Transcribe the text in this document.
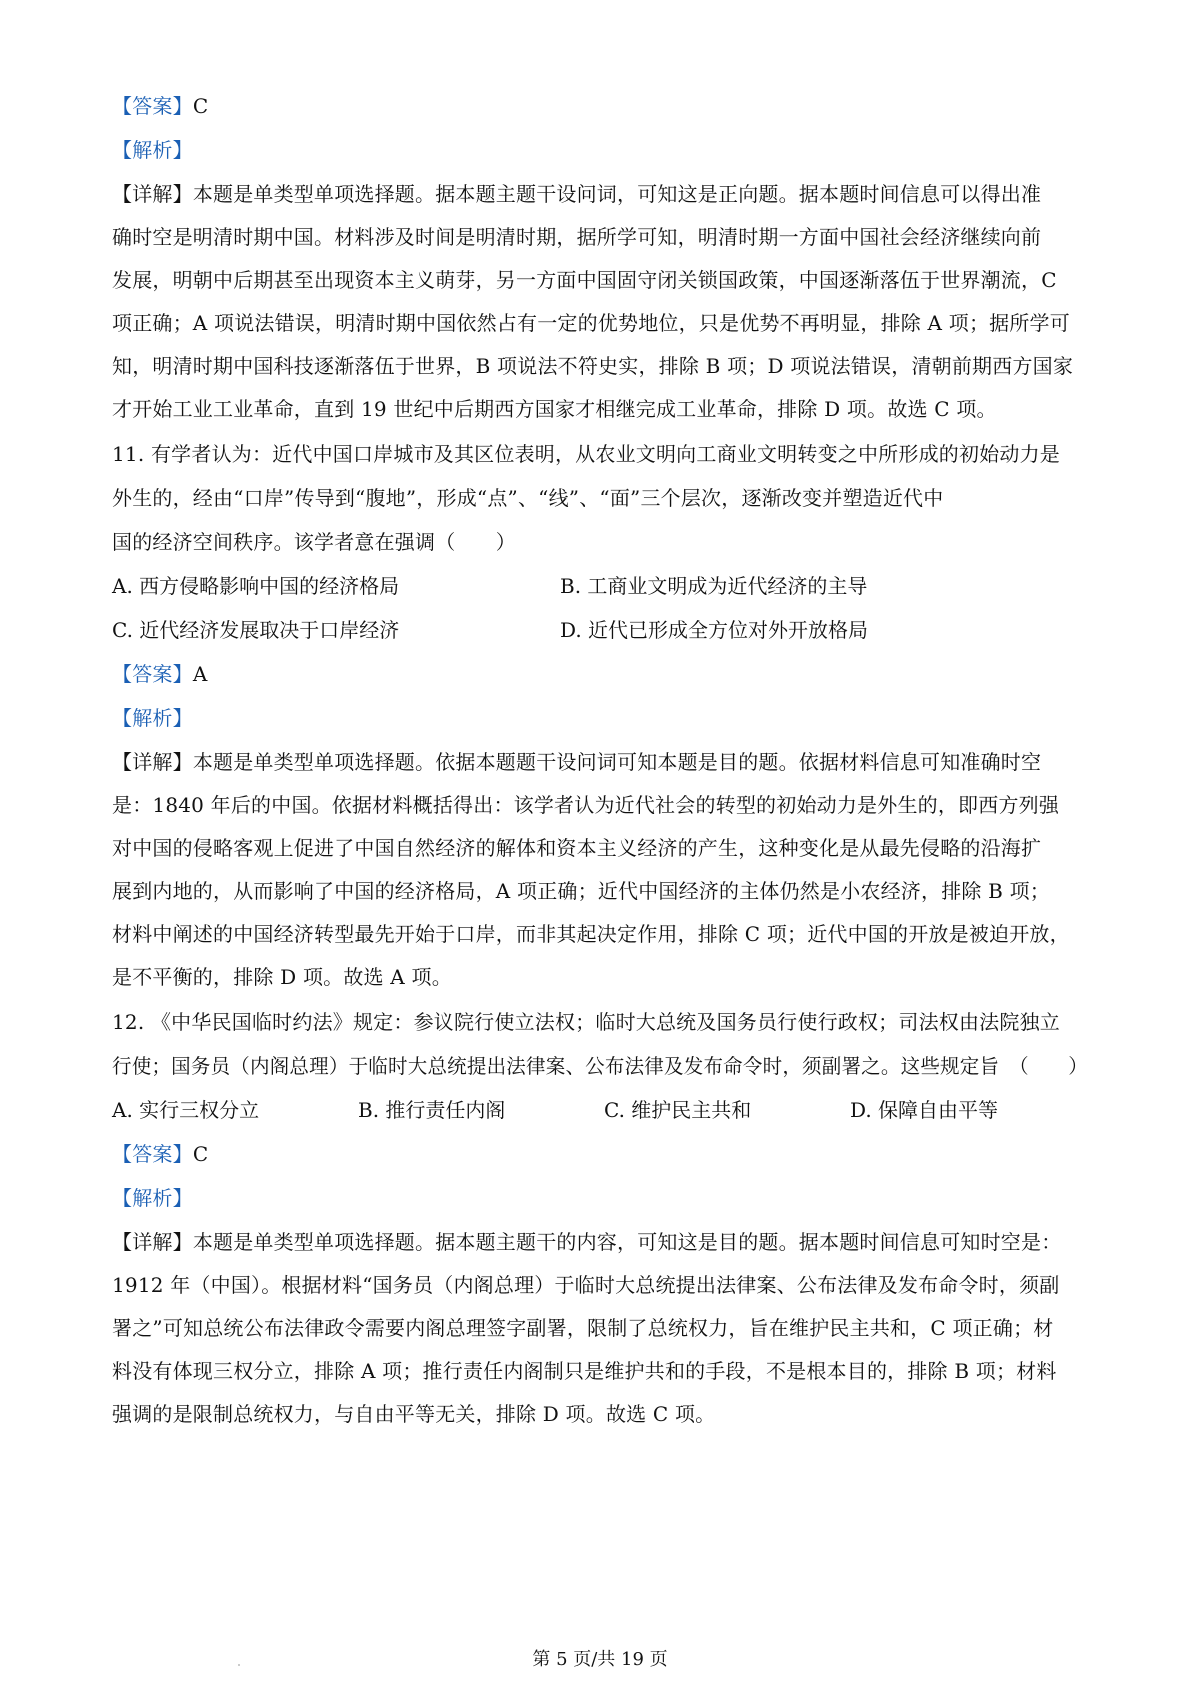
【答案】C
【解析】
【详解】本题是单类型单项选择题。据本题主题干设问词，可知这是正向题。据本题时间信息可以得出准
确时空是明清时期中国。材料涉及时间是明清时期，据所学可知，明清时期一方面中国社会经济继续向前
发展，明朝中后期甚至出现资本主义萌芽，另一方面中国固守闭关锁国政策，中国逐渐落伍于世界潮流，C
项正确；A 项说法错误，明清时期中国依然占有一定的优势地位，只是优势不再明显，排除 A 项；据所学可
知，明清时期中国科技逐渐落伍于世界，B 项说法不符史实，排除 B 项；D 项说法错误，清朝前期西方国家
才开始工业工业革命，直到 19 世纪中后期西方国家才相继完成工业革命，排除 D 项。故选 C 项。
11. 有学者认为：近代中国口岸城市及其区位表明，从农业文明向工商业文明转变之中所形成的初始动力是
外生的，经由“口岸”传导到“腹地”，形成“点”、“线”、“面”三个层次，逐渐改变并塑造近代中
国的经济空间秩序。该学者意在强调（　　）
A. 西方侵略影响中国的经济格局	B. 工商业文明成为近代经济的主导
C. 近代经济发展取决于口岸经济	D. 近代已形成全方位对外开放格局
【答案】A
【解析】
【详解】本题是单类型单项选择题。依据本题题干设问词可知本题是目的题。依据材料信息可知准确时空
是：1840 年后的中国。依据材料概括得出：该学者认为近代社会的转型的初始动力是外生的，即西方列强
对中国的侵略客观上促进了中国自然经济的解体和资本主义经济的产生，这种变化是从最先侵略的沿海扩
展到内地的，从而影响了中国的经济格局，A 项正确；近代中国经济的主体仍然是小农经济，排除 B 项；
材料中阐述的中国经济转型最先开始于口岸，而非其起决定作用，排除 C 项；近代中国的开放是被迫开放，
是不平衡的，排除 D 项。故选 A 项。
12. 《中华民国临时约法》规定：参议院行使立法权；临时大总统及国务员行使行政权；司法权由法院独立
行使；国务员（内阁总理）于临时大总统提出法律案、公布法律及发布命令时，须副署之。这些规定旨　（　　）
A. 实行三权分立	B. 推行责任内阁	C. 维护民主共和	D. 保障自由平等
【答案】C
【解析】
【详解】本题是单类型单项选择题。据本题主题干的内容，可知这是目的题。据本题时间信息可知时空是：
1912 年（中国）。根据材料“国务员（内阁总理）于临时大总统提出法律案、公布法律及发布命令时，须副
署之”可知总统公布法律政令需要内阁总理签字副署，限制了总统权力，旨在维护民主共和，C 项正确；材
料没有体现三权分立，排除 A 项；推行责任内阁制只是维护共和的手段，不是根本目的，排除 B 项；材料
强调的是限制总统权力，与自由平等无关，排除 D 项。故选 C 项。
第 5 页/共 19 页
